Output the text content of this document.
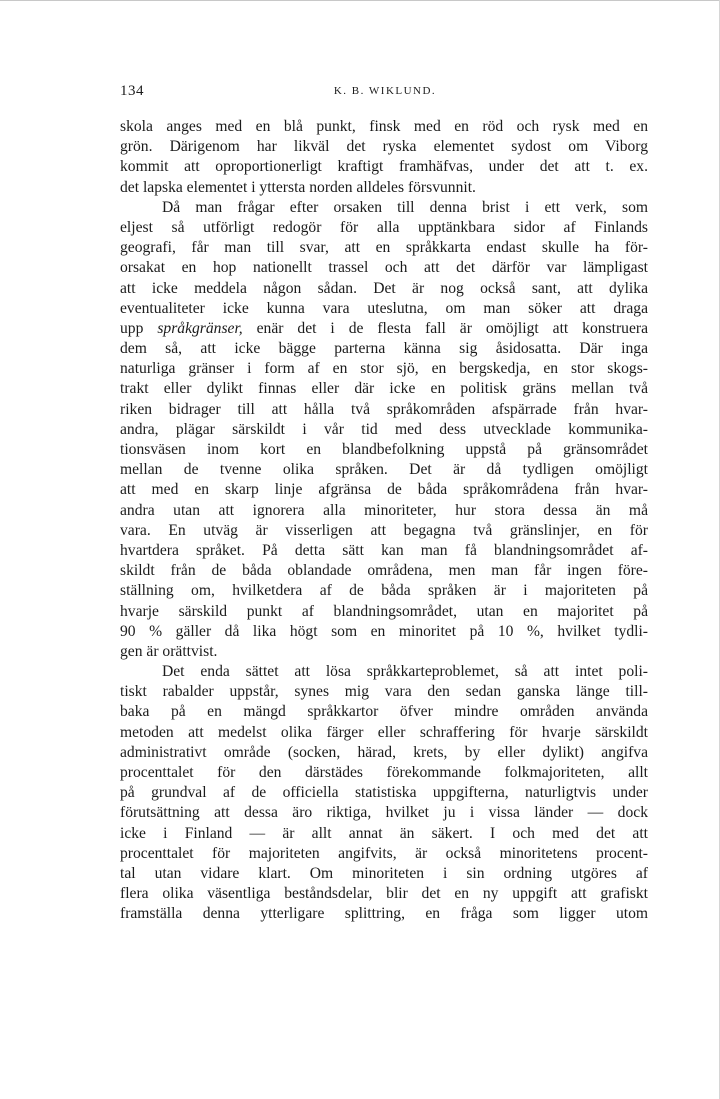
134	K. B. WIKLUND.
skola anges med en blå punkt, finsk med en röd och rysk med en
grön. Därigenom har likväl det ryska elementet sydost om Viborg
kommit att oproportionerligt kraftigt framhäfvas, under det att t. ex.
det lapska elementet i yttersta norden alldeles försvunnit.
Då man frågar efter orsaken till denna brist i ett verk, som
eljest så utförligt redogör för alla upptänkbara sidor af Finlands
geografi, får man till svar, att en språkkarta endast skulle ha för-
orsakat en hop nationellt trassel och att det därför var lämpligast
att icke meddela någon sådan. Det är nog också sant, att dylika
eventualiteter icke kunna vara uteslutna, om man söker att draga
upp språkgränser, enär det i de flesta fall är omöjligt att konstruera
dem så, att icke bägge parterna känna sig åsidosatta. Där inga
naturliga gränser i form af en stor sjö, en bergskedja, en stor skogs-
trakt eller dylikt finnas eller där icke en politisk gräns mellan två
riken bidrager till att hålla två språkområden afspärrade från hvar-
andra, plägar särskildt i vår tid med dess utvecklade kommunika-
tionsväsen inom kort en blandbefolkning uppstå på gränsområdet
mellan de tvenne olika språken. Det är då tydligen omöjligt
att med en skarp linje afgränsa de båda språkområdena från hvar-
andra utan att ignorera alla minoriteter, hur stora dessa än må
vara. En utväg är visserligen att begagna två gränslinjer, en för
hvartdera språket. På detta sätt kan man få blandningsområdet af-
skildt från de båda oblandade områdena, men man får ingen före-
ställning om, hvilketdera af de båda språken är i majoriteten på
hvarje särskild punkt af blandningsområdet, utan en majoritet på
90 % gäller då lika högt som en minoritet på 10 %, hvilket tydli-
gen är orättvist.
Det enda sättet att lösa språkkarteproblemet, så att intet poli-
tiskt rabalder uppstår, synes mig vara den sedan ganska länge till-
baka på en mängd språkkartor öfver mindre områden använda
metoden att medelst olika färger eller schraffering för hvarje särskildt
administrativt område (socken, härad, krets, by eller dylikt) angifva
procenttalet för den därstädes förekommande folkmajoriteten, allt
på grundval af de officiella statistiska uppgifterna, naturligtvis under
förutsättning att dessa äro riktiga, hvilket ju i vissa länder — dock
icke i Finland — är allt annat än säkert. I och med det att
procenttalet för majoriteten angifvits, är också minoritetens procent-
tal utan vidare klart. Om minoriteten i sin ordning utgöres af
flera olika väsentliga beståndsdelar, blir det en ny uppgift att grafiskt
framställa denna ytterligare splittring, en fråga som ligger utom
